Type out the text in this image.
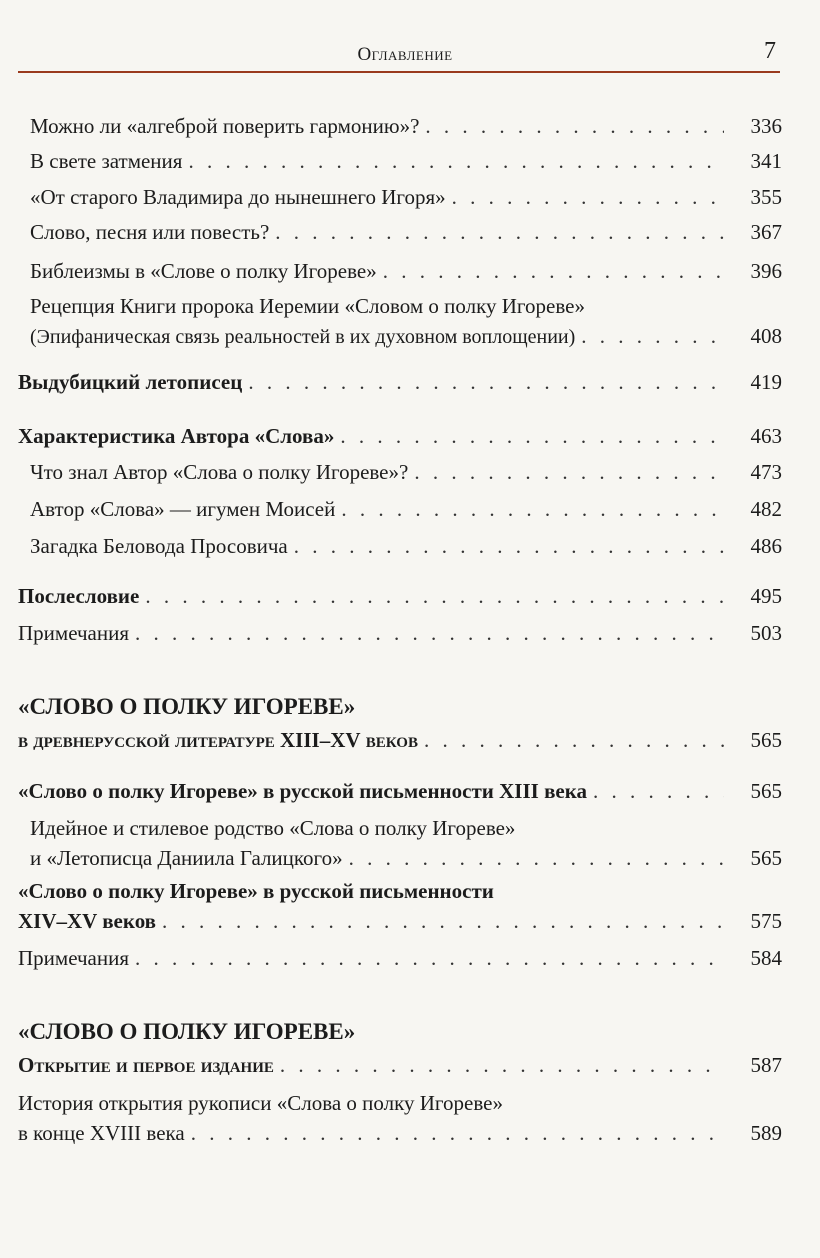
Оглавление	7
Можно ли «алгеброй поверить гармонию»? . . .	336
В свете затмения . . .	341
«От старого Владимира до нынешнего Игоря» . . .	355
Слово, песня или повесть? . . .	367
Библеизмы в «Слове о полку Игореве» . . .	396
Рецепция Книги пророка Иеремии «Словом о полку Игореве»
(Эпифаническая связь реальностей в их духовном воплощении) . . .	408
Выдубицкий летописец . . .	419
Характеристика Автора «Слова» . . .	463
Что знал Автор «Слова о полку Игореве»? . . .	473
Автор «Слова» — игумен Моисей . . .	482
Загадка Беловода Просовича . . .	486
Послесловие . . .	495
Примечания . . .	503
«СЛОВО О ПОЛКУ ИГОРЕВЕ»
в древнерусской литературе XIII–XV веков . . .	565
«Слово о полку Игореве» в русской письменности XIII века . . .	565
Идейное и стилевое родство «Слова о полку Игореве»
и «Летописца Даниила Галицкого» . . .	565
«Слово о полку Игореве» в русской письменности
XIV–XV веков . . .	575
Примечания . . .	584
«СЛОВО О ПОЛКУ ИГОРЕВЕ»
Открытие и первое издание . . .	587
История открытия рукописи «Слова о полку Игореве»
в конце XVIII века . . .	589
